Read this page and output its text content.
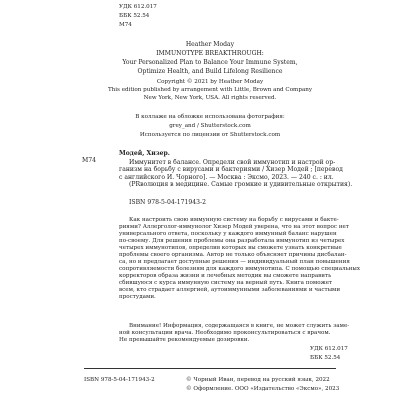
УДК 612.017
ББК 52.54
М74
Heather Moday
IMMUNOTYPE BREAKTHROUGH:
Your Personalized Plan to Balance Your Immune System,
Optimize Health, and Build Lifelong Resilience
Copyright © 2021 by Heather Moday
This edition published by arrangement with Little, Brown and Company
New York, New York, USA. All rights reserved.
В коллаже на обложке использована фотография:
grey_and / Shutterstock.com
Используется по лицензии от Shutterstock.com
М74
Модей, Хизер.

Иммунитет в балансе. Определи свой иммунотип и настрой ор-

ганизм на борьбу с вирусами и бактериями / Хизер Модей ; [перевод

с английского И. Чорного]. — Москва : Эксмо, 2023. — 240 с. : ил.

(PRволюция в медицине. Самые громкие и удивительные открытия).

ISBN 978-5-04-171943-2

Как настроить свою иммунную систему на борьбу с вирусами и бакте-

риями? Аллерголог-иммунолог Хизер Модей уверена, что на этот вопрос нет

универсального ответа, поскольку у каждого иммунный баланс нарушен

по-своему. Для решения проблемы она разработала иммунотип из четырех

четырех иммунотипов, определив которых вы сможете узнать конкретные

проблемы своего организма. Автор не только объясняет причины дисбалан-

са, но и предлагает доступные решения — индивидуальный план повышения

сопротивляемости болезням для каждого иммунотипа. С помощью специальных

корректоров образа жизни и лечебных методик вы сможете направить

сбившуюся с курса иммунную систему на верный путь. Книга поможет

всем, кто страдает аллергией, аутоиммунными заболеваниями и частыми

простудами.

Внимание! Информация, содержащаяся в книге, не может служить заме-

ной консультации врача. Необходимо проконсультироваться с врачом.

Не превышайте рекомендуемые дозировки.

УДК 612.017
ББК 52.54
ISBN 978-5-04-171943-2	© Чорный Иван, перевод на русский язык, 2022
© Оформление. ООО «Издательство «Эксмо», 2023
